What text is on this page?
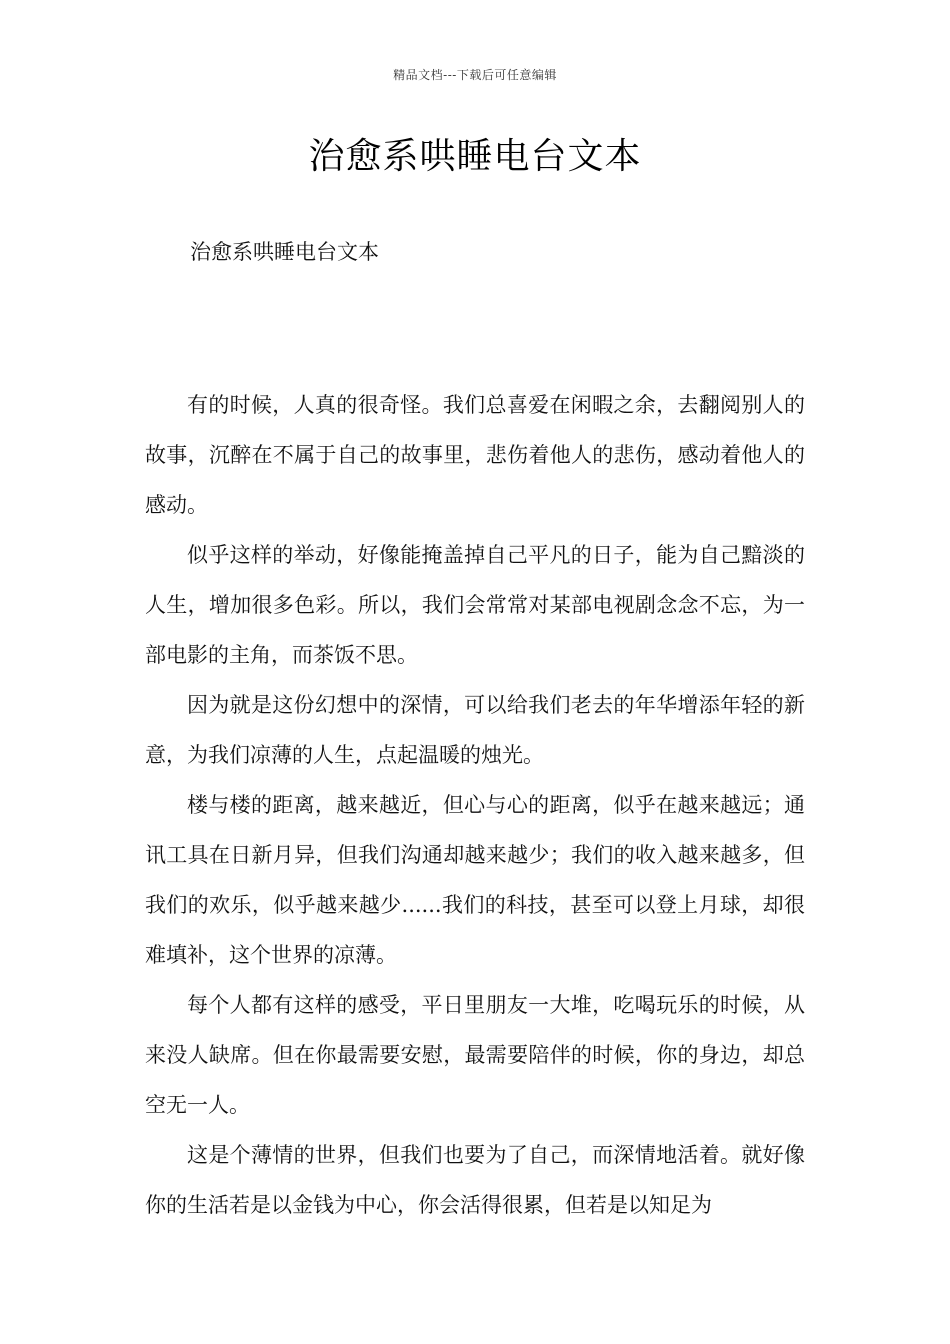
精品文档---下载后可任意编辑
治愈系哄睡电台文本

治愈系哄睡电台文本

有的时候，人真的很奇怪。我们总喜爱在闲暇之余，去翻阅别人的故事，沉醉在不属于自己的故事里，悲伤着他人的悲伤，感动着他人的感动。

似乎这样的举动，好像能掩盖掉自己平凡的日子，能为自己黯淡的人生，增加很多色彩。所以，我们会常常对某部电视剧念念不忘，为一部电影的主角，而茶饭不思。

因为就是这份幻想中的深情，可以给我们老去的年华增添年轻的新意，为我们凉薄的人生，点起温暖的烛光。

楼与楼的距离，越来越近，但心与心的距离，似乎在越来越远；通讯工具在日新月异，但我们沟通却越来越少；我们的收入越来越多，但我们的欢乐，似乎越来越少......我们的科技，甚至可以登上月球，却很难填补，这个世界的凉薄。

每个人都有这样的感受，平日里朋友一大堆，吃喝玩乐的时候，从来没人缺席。但在你最需要安慰，最需要陪伴的时候，你的身边，却总空无一人。

这是个薄情的世界，但我们也要为了自己，而深情地活着。就好像你的生活若是以金钱为中心，你会活得很累，但若是以知足为
